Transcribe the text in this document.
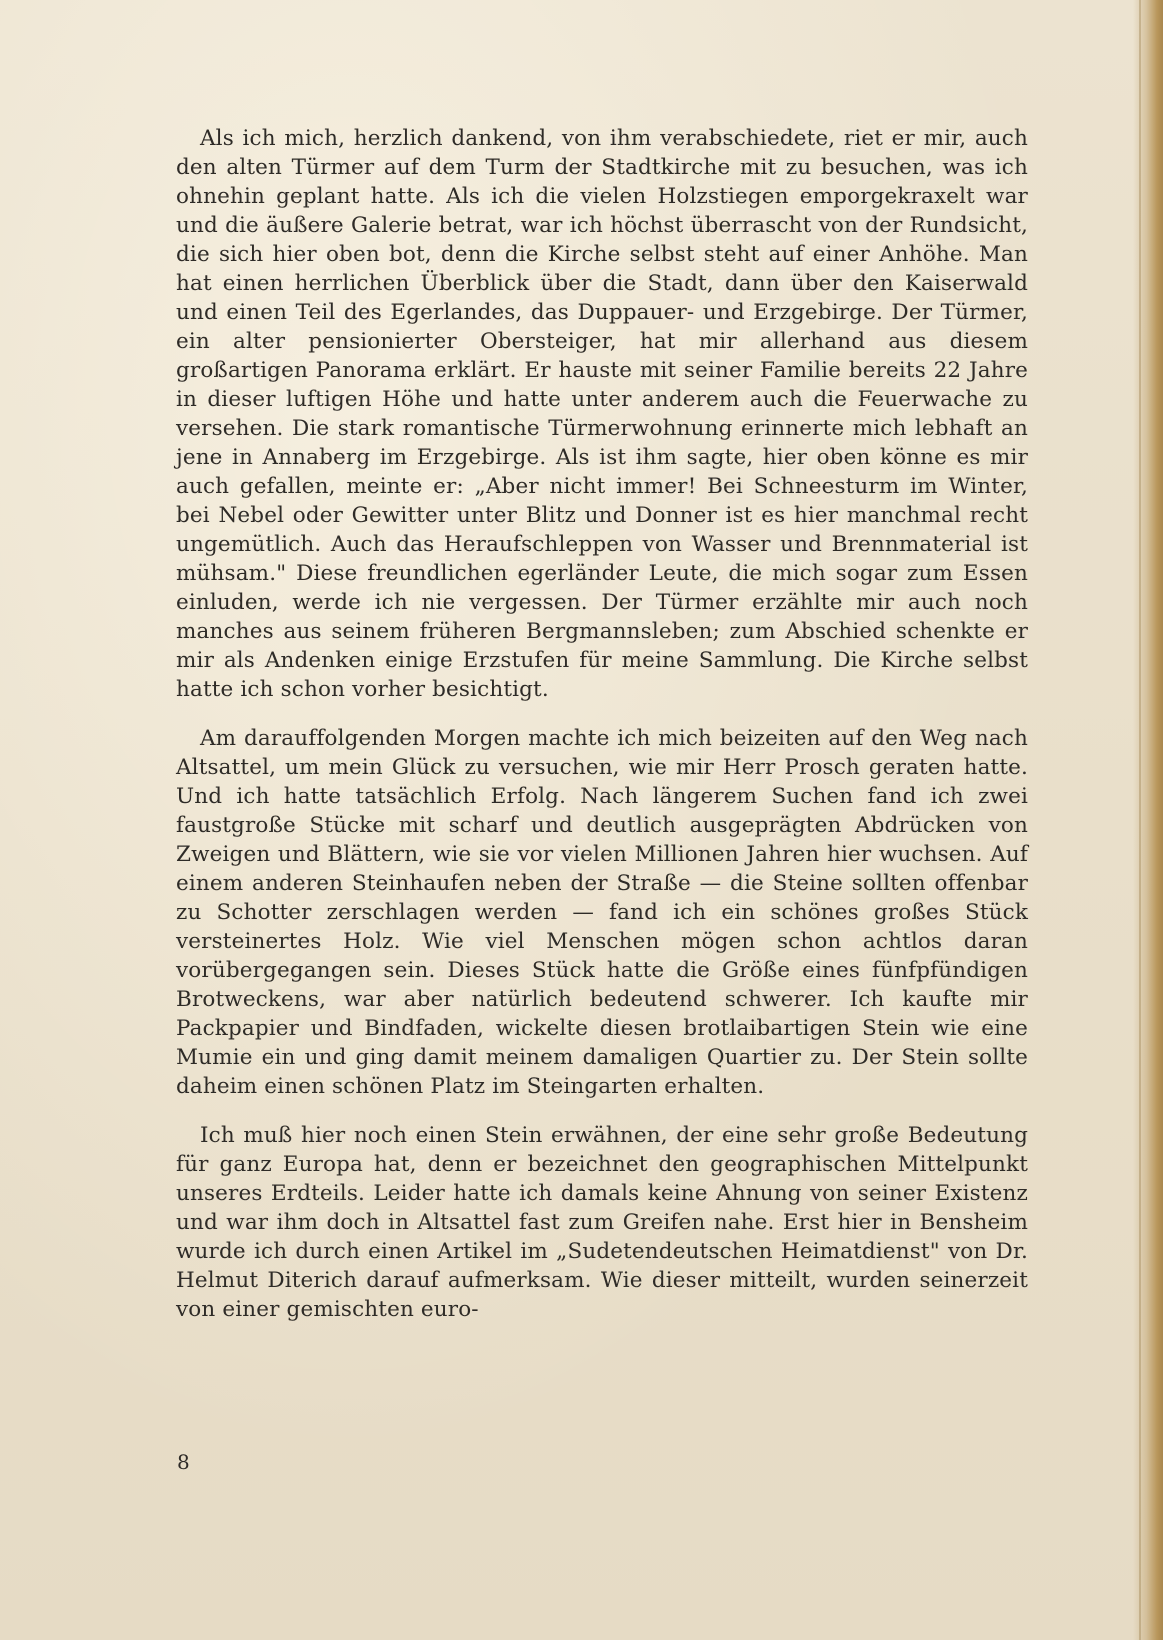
Als ich mich, herzlich dankend, von ihm verabschiedete, riet er mir, auch den alten Türmer auf dem Turm der Stadtkirche mit zu besuchen, was ich ohnehin geplant hatte. Als ich die vielen Holzstiegen emporgekraxelt war und die äußere Galerie betrat, war ich höchst überrascht von der Rundsicht, die sich hier oben bot, denn die Kirche selbst steht auf einer Anhöhe. Man hat einen herrlichen Überblick über die Stadt, dann über den Kaiserwald und einen Teil des Egerlandes, das Duppauer- und Erzgebirge. Der Türmer, ein alter pensionierter Obersteiger, hat mir allerhand aus diesem großartigen Panorama erklärt. Er hauste mit seiner Familie bereits 22 Jahre in dieser luftigen Höhe und hatte unter anderem auch die Feuerwache zu versehen. Die stark romantische Türmerwohnung erinnerte mich lebhaft an jene in Annaberg im Erzgebirge. Als ist ihm sagte, hier oben könne es mir auch gefallen, meinte er: „Aber nicht immer! Bei Schneesturm im Winter, bei Nebel oder Gewitter unter Blitz und Donner ist es hier manchmal recht ungemütlich. Auch das Heraufschleppen von Wasser und Brennmaterial ist mühsam." Diese freundlichen egerländer Leute, die mich sogar zum Essen einluden, werde ich nie vergessen. Der Türmer erzählte mir auch noch manches aus seinem früheren Bergmannsleben; zum Abschied schenkte er mir als Andenken einige Erzstufen für meine Sammlung. Die Kirche selbst hatte ich schon vorher besichtigt.

Am darauffolgenden Morgen machte ich mich beizeiten auf den Weg nach Altsattel, um mein Glück zu versuchen, wie mir Herr Prosch geraten hatte. Und ich hatte tatsächlich Erfolg. Nach längerem Suchen fand ich zwei faustgroße Stücke mit scharf und deutlich ausgeprägten Abdrücken von Zweigen und Blättern, wie sie vor vielen Millionen Jahren hier wuchsen. Auf einem anderen Steinhaufen neben der Straße — die Steine sollten offenbar zu Schotter zerschlagen werden — fand ich ein schönes großes Stück versteinertes Holz. Wie viel Menschen mögen schon achtlos daran vorübergegangen sein. Dieses Stück hatte die Größe eines fünfpfündigen Brotweckens, war aber natürlich bedeutend schwerer. Ich kaufte mir Packpapier und Bindfaden, wickelte diesen brotlaibartigen Stein wie eine Mumie ein und ging damit meinem damaligen Quartier zu. Der Stein sollte daheim einen schönen Platz im Steingarten erhalten.

Ich muß hier noch einen Stein erwähnen, der eine sehr große Bedeutung für ganz Europa hat, denn er bezeichnet den geographischen Mittelpunkt unseres Erdteils. Leider hatte ich damals keine Ahnung von seiner Existenz und war ihm doch in Altsattel fast zum Greifen nahe. Erst hier in Bensheim wurde ich durch einen Artikel im „Sudetendeutschen Heimatdienst" von Dr. Helmut Diterich darauf aufmerksam. Wie dieser mitteilt, wurden seinerzeit von einer gemischten euro-

8
